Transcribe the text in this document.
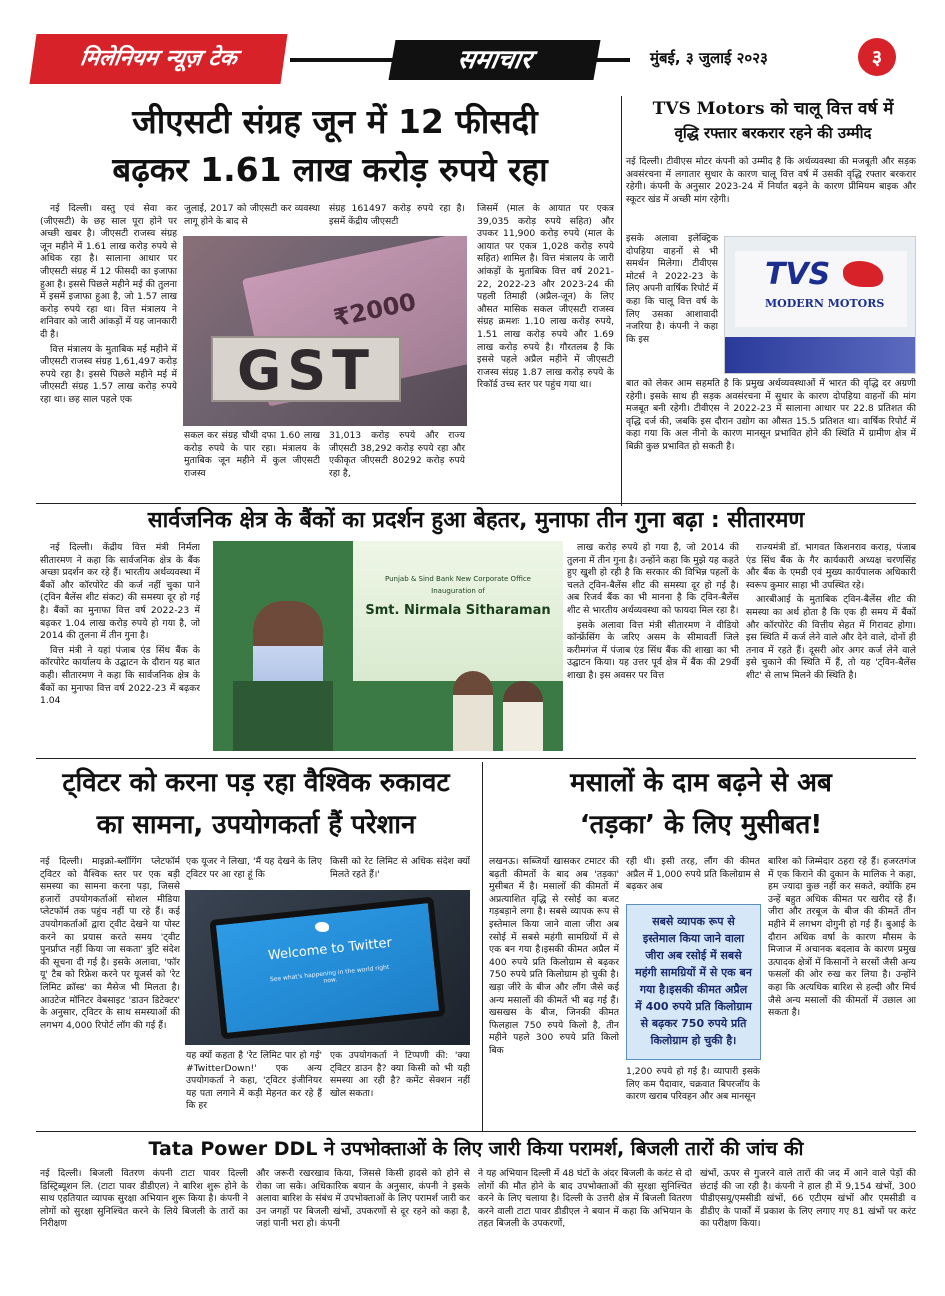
मिलेनियम न्यूज़ टेक	समाचार	मुंबई, ३ जुलाई २०२३	३
जीएसटी संग्रह जून में 12 फीसदी
बढ़कर 1.61 लाख करोड़ रुपये रहा

नई दिल्ली। वस्तु एवं सेवा कर (जीएसटी) के छह साल पूरा होने पर अच्छी खबर है। जीएसटी राजस्व संग्रह जून महीने में 1.61 लाख करोड़ रुपये से अधिक रहा है। सालाना आधार पर जीएसटी संग्रह में 12 फीसदी का इजाफा हुआ है। इससे पिछले महीने मई की तुलना में इसमें इजाफा हुआ है, जो 1.57 लाख करोड़ रुपये रहा था। वित्त मंत्रालय ने शनिवार को जारी आंकड़ों में यह जानकारी दी है।

वित्त मंत्रालय के मुताबिक मई महीने में जीएसटी राजस्व संग्रह 1,61,497 करोड़ रुपये रहा है। इससे पिछले महीने मई में जीएसटी संग्रह 1.57 लाख करोड़ रुपये रहा था। छह साल पहले एक

जुलाई, 2017 को जीएसटी कर व्यवस्था लागू होने के बाद से
संग्रह 161497 करोड़ रुपये रहा है। इसमें केंद्रीय जीएसटी
₹2000
GST
सकल कर संग्रह चौथी दफा 1.60 लाख करोड़ रुपये के पार रहा। मंत्रालय के मुताबिक जून महीने में कुल जीएसटी राजस्व
31,013 करोड़ रुपये और राज्य जीएसटी 38,292 करोड़ रुपये रहा और एकीकृत जीएसटी 80292 करोड़ रुपये रहा है,
जिसमें (माल के आयात पर एकत्र 39,035 करोड़ रुपये सहित) और उपकर 11,900 करोड़ रुपये (माल के आयात पर एकत्र 1,028 करोड़ रुपये सहित) शामिल है। वित्त मंत्रालय के जारी आंकड़ों के मुताबिक वित्त वर्ष 2021-22, 2022-23 और 2023-24 की पहली तिमाही (अप्रैल-जून) के लिए औसत मासिक सकल जीएसटी राजस्व संग्रह क्रमशः 1.10 लाख करोड़ रुपये, 1.51 लाख करोड़ रुपये और 1.69 लाख करोड़ रुपये है। गौरतलब है कि इससे पहले अप्रैल महीने में जीएसटी राजस्व संग्रह 1.87 लाख करोड़ रुपये के रिकॉर्ड उच्च स्तर पर पहुंच गया था।
TVS Motors को चालू वित्त वर्ष में
वृद्धि रफ्तार बरकरार रहने की उम्मीद
नई दिल्ली। टीवीएस मोटर कंपनी को उम्मीद है कि अर्थव्यवस्था की मजबूती और सड़क अवसंरचना में लगातार सुधार के कारण चालू वित्त वर्ष में उसकी वृद्धि रफ्तार बरकरार रहेगी। कंपनी के अनुसार 2023-24 में निर्यात बढ़ने के कारण प्रीमियम बाइक और स्कूटर खंड में अच्छी मांग रहेगी।
इसके अलावा इलेक्ट्रिक दोपहिया वाहनों से भी समर्थन मिलेगा। टीवीएस मोटर्स ने 2022-23 के लिए अपनी वार्षिक रिपोर्ट में कहा कि चालू वित्त वर्ष के लिए उसका आशावादी नजरिया है। कंपनी ने कहा कि इस
TVS
MODERN MOTORS
बात को लेकर आम सहमति है कि प्रमुख अर्थव्यवस्थाओं में भारत की वृद्धि दर अग्रणी रहेगी। इसके साथ ही सड़क अवसंरचना में सुधार के कारण दोपहिया वाहनों की मांग मजबूत बनी रहेगी। टीवीएस ने 2022-23 में सालाना आधार पर 22.8 प्रतिशत की वृद्धि दर्ज की, जबकि इस दौरान उद्योग का औसत 15.5 प्रतिशत था। वार्षिक रिपोर्ट में कहा गया कि अल नीनो के कारण मानसून प्रभावित होने की स्थिति में ग्रामीण क्षेत्र में बिक्री कुछ प्रभावित हो सकती है।
सार्वजनिक क्षेत्र के बैंकों का प्रदर्शन हुआ बेहतर, मुनाफा तीन गुना बढ़ा : सीतारमण

नई दिल्ली। केंद्रीय वित्त मंत्री निर्मला सीतारमण ने कहा कि सार्वजनिक क्षेत्र के बैंक अच्छा प्रदर्शन कर रहे हैं। भारतीय अर्थव्यवस्था में बैंकों और कॉरपोरेट की कर्ज नहीं चुका पाने (ट्विन बैलेंस शीट संकट) की समस्या दूर हो गई है। बैंकों का मुनाफा वित्त वर्ष 2022-23 में बढ़कर 1.04 लाख करोड़ रुपये हो गया है, जो 2014 की तुलना में तीन गुना है।

वित्त मंत्री ने यहां पंजाब एंड सिंध बैंक के कॉरपोरेट कार्यालय के उद्घाटन के दौरान यह बात कही। सीतारमण ने कहा कि सार्वजनिक क्षेत्र के बैंकों का मुनाफा वित्त वर्ष 2022-23 में बढ़कर 1.04

Punjab & Sind Bank New Corporate Office
Inauguration of
Smt. Nirmala Sitharaman

लाख करोड़ रुपये हो गया है, जो 2014 की तुलना में तीन गुना है। उन्होंने कहा कि मुझे यह कहते हुए खुशी हो रही है कि सरकार की विभिन्न पहलों के चलते ट्विन-बैलेंस शीट की समस्या दूर हो गई है। अब रिजर्व बैंक का भी मानना है कि ट्विन-बैलेंस शीट से भारतीय अर्थव्यवस्था को फायदा मिल रहा है।

इसके अलावा वित्त मंत्री सीतारमण ने वीडियो कॉन्फ्रेंसिंग के जरिए असम के सीमावर्ती जिले करीमगंज में पंजाब एंड सिंध बैंक की शाखा का भी उद्घाटन किया। यह उत्तर पूर्व क्षेत्र में बैंक की 29वीं शाखा है। इस अवसर पर वित्त

राज्यमंत्री डॉ. भागवत किशनराव कराड़, पंजाब एंड सिंध बैंक के गैर कार्यकारी अध्यक्ष चरणसिंह और बैंक के एमडी एवं मुख्य कार्यपालक अधिकारी स्वरूप कुमार साहा भी उपस्थित रहे।

आरबीआई के मुताबिक ट्विन-बैलेंस शीट की समस्या का अर्थ होता है कि एक ही समय में बैंकों और कॉरपोरेट की वित्तीय सेहत में गिरावट होगा। इस स्थिति में कर्ज लेने वाले और देने वाले, दोनों ही तनाव में रहते हैं। दूसरी ओर अगर कर्ज लेने वाले इसे चुकाने की स्थिति में हैं, तो यह 'ट्विन-बैलेंस शीट' से लाभ मिलने की स्थिति है।

ट्विटर को करना पड़ रहा वैश्विक रुकावट
का सामना, उपयोगकर्ता हैं परेशान
नई दिल्ली। माइक्रो-ब्लॉगिंग प्लेटफॉर्म ट्विटर को वैश्विक स्तर पर एक बड़ी समस्या का सामना करना पड़ा, जिससे हजारों उपयोगकर्ताओं सोशल मीडिया प्लेटफॉर्म तक पहुंच नहीं पा रहे हैं। कई उपयोगकर्ताओं द्वारा ट्वीट देखने या पोस्ट करने का प्रयास करते समय 'ट्वीट पुनर्प्राप्त नहीं किया जा सकता' त्रुटि संदेश की सूचना दी गई है। इसके अलावा, 'फॉर यू' टैब को रिफ्रेश करने पर यूजर्स को 'रेट लिमिट क्रॉस्ड' का मैसेज भी मिलता है। आउटेज मॉनिटर वेबसाइट 'डाउन डिटेक्टर' के अनुसार, ट्विटर के साथ समस्याओं की लगभग 4,000 रिपोर्ट लॉग की गई हैं।
एक यूजर ने लिखा, 'मैं यह देखने के लिए ट्विटर पर आ रहा हूं कि
किसी को रेट लिमिट से अधिक संदेश क्यों मिलते रहते हैं।'
Welcome to Twitter
See what's happening in the world right now.
यह क्यों कहता है 'रेट लिमिट पार हो गई' #TwitterDown!' एक अन्य उपयोगकर्ता ने कहा, 'ट्विटर इंजीनियर यह पता लगाने में कड़ी मेहनत कर रहे हैं कि हर
एक उपयोगकर्ता ने टिप्पणी की: 'क्या ट्विटर डाउन है? क्या किसी को भी यही समस्या आ रही है? कमेंट सेक्शन नहीं खोल सकता।
मसालों के दाम बढ़ने से अब
‘तड़का’ के लिए मुसीबत!
लखनऊ। सब्जियों खासकर टमाटर की बढ़ती कीमतों के बाद अब 'तड़का' मुसीबत में है। मसालों की कीमतों में अप्रत्याशित वृद्धि से रसोई का बजट गड़बड़ाने लगा है। सबसे व्यापक रूप से इस्तेमाल किया जाने वाला जीरा अब रसोई में सबसे महंगी सामग्रियों में से एक बन गया है।इसकी कीमत अप्रैल में 400 रुपये प्रति किलोग्राम से बढ़कर 750 रुपये प्रति किलोग्राम हो चुकी है। खड़ा जीरे के बीज और लौंग जैसे कई अन्य मसालों की कीमतें भी बढ़ गई हैं। खसखस के बीज, जिनकी कीमत फिलहाल 750 रुपये किलो है, तीन महीने पहले 300 रुपये प्रति किलो बिक
रही थी। इसी तरह, लौंग की कीमत अप्रैल में 1,000 रुपये प्रति किलोग्राम से बढ़कर अब
सबसे व्यापक रूप से इस्तेमाल किया जाने वाला जीरा अब रसोई में सबसे महंगी सामग्रियों में से एक बन गया है।इसकी कीमत अप्रैल में 400 रुपये प्रति किलोग्राम से बढ़कर 750 रुपये प्रति किलोग्राम हो चुकी है।
1,200 रुपये हो गई है। व्यापारी इसके लिए कम पैदावार, चक्रवात बिपरजॉय के कारण खराब परिवहन और अब मानसून
बारिश को जिम्मेदार ठहरा रहे हैं। हजरतगंज में एक किराने की दुकान के मालिक ने कहा, हम ज्यादा कुछ नहीं कर सकते, क्योंकि हम उन्हें बहुत अधिक कीमत पर खरीद रहे हैं। जीरा और तरबूज के बीज की कीमतें तीन महीने में लगभग दोगुनी हो गई हैं। बुआई के दौरान अधिक वर्षा के कारण मौसम के मिजाज में अचानक बदलाव के कारण प्रमुख उत्पादक क्षेत्रों में किसानों ने सरसों जैसी अन्य फसलों की ओर रुख कर लिया है। उन्होंने कहा कि अत्यधिक बारिश से हल्दी और मिर्च जैसे अन्य मसालों की कीमतों में उछाल आ सकता है।
Tata Power DDL ने उपभोक्ताओं के लिए जारी किया परामर्श, बिजली तारों की जांच की
नई दिल्ली। बिजली वितरण कंपनी टाटा पावर दिल्ली डिस्ट्रिब्यूशन लि. (टाटा पावर डीडीएल) ने बारिश शुरू होने के साथ एहतियात व्यापक सुरक्षा अभियान शुरू किया है। कंपनी ने लोगों को सुरक्षा सुनिश्चित करने के लिये बिजली के तारों का निरीक्षण
और जरूरी रखरखाव किया, जिससे किसी हादसे को होने से रोका जा सके। अधिकारिक बयान के अनुसार, कंपनी ने इसके अलावा बारिश के संबंध में उपभोक्ताओं के लिए परामर्श जारी कर उन जगहों पर बिजली खंभों, उपकरणों से दूर रहने को कहा है, जहां पानी भरा हो। कंपनी
ने यह अभियान दिल्ली में 48 घंटों के अंदर बिजली के करंट से दो लोगों की मौत होने के बाद उपभोक्ताओं की सुरक्षा सुनिश्चित करने के लिए चलाया है। दिल्ली के उत्तरी क्षेत्र में बिजली वितरण करने वाली टाटा पावर डीडीएल ने बयान में कहा कि अभियान के तहत बिजली के उपकरणों,
खंभों, ऊपर से गुजरने वाले तारों की जद में आने वाले पेड़ों की छंटाई की जा रही है। कंपनी ने हाल ही में 9,154 खंभों, 300 पीडीएसयू/एमसीडी खंभों, 66 एटीएम खंभों और एमसीडी व डीडीए के पार्कों में प्रकाश के लिए लगाए गए 81 खंभों पर करंट का परीक्षण किया।
